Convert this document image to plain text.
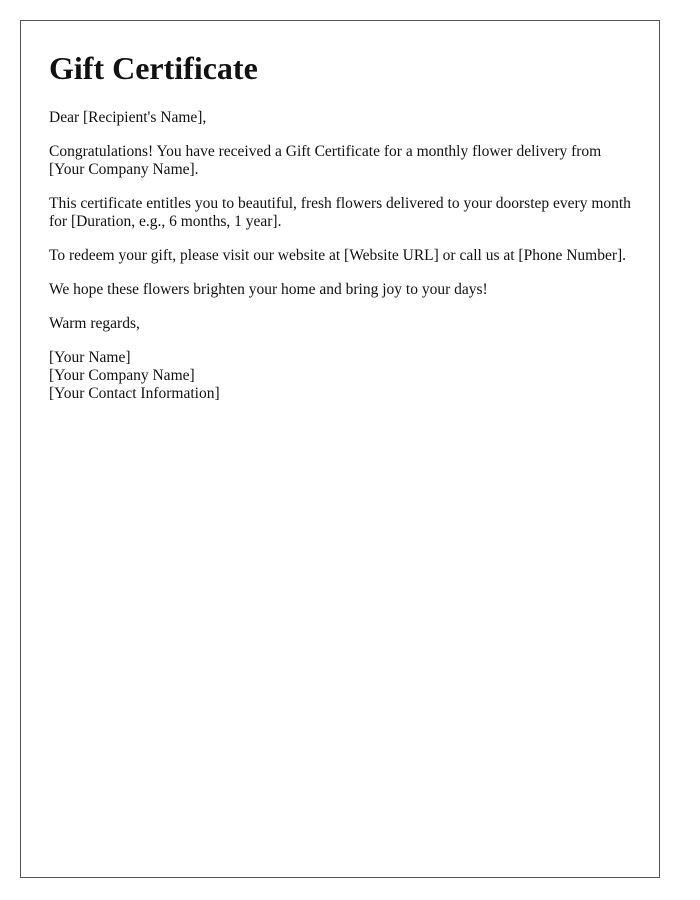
Gift Certificate

Dear [Recipient's Name],

Congratulations! You have received a Gift Certificate for a monthly flower delivery from [Your Company Name].

This certificate entitles you to beautiful, fresh flowers delivered to your doorstep every month for [Duration, e.g., 6 months, 1 year].

To redeem your gift, please visit our website at [Website URL] or call us at [Phone Number].

We hope these flowers brighten your home and bring joy to your days!

Warm regards,

[Your Name]
[Your Company Name]
[Your Contact Information]
